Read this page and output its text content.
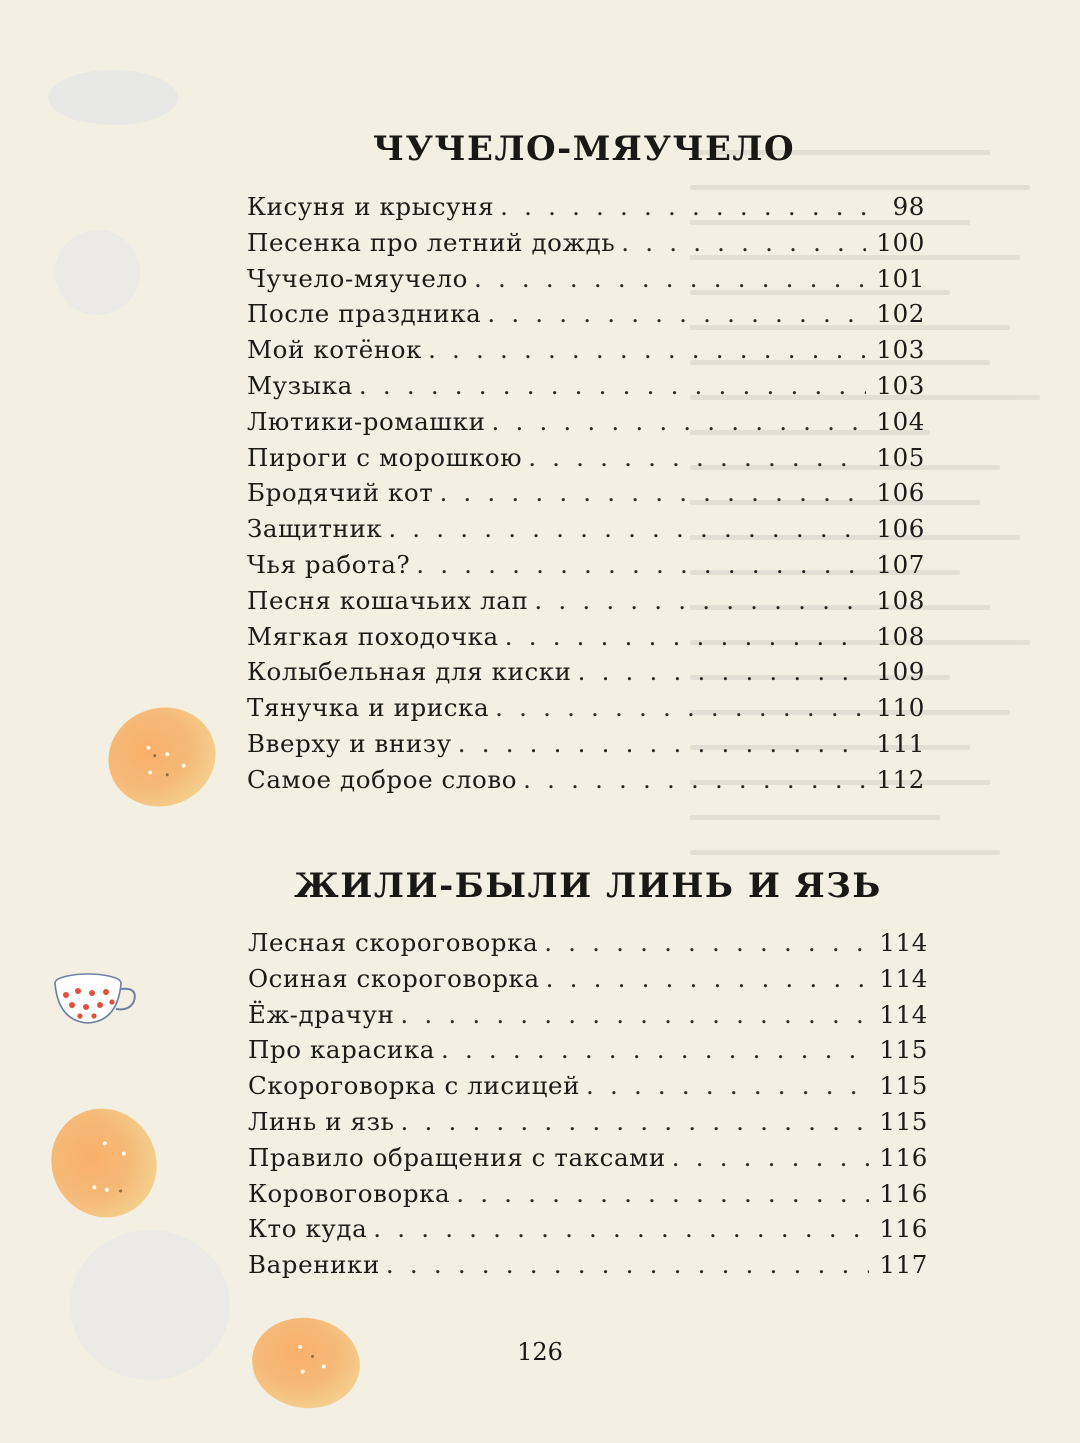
ЧУЧЕЛО-МЯУЧЕЛО
Кисуня и крысуня . . .	98
Песенка про летний дождь . . .	100
Чучело-мяучело . . .	101
После праздника . . .	102
Мой котёнок . . .	103
Музыка . . .	103
Лютики-ромашки . . .	104
Пироги с морошкою . . .	105
Бродячий кот . . .	106
Защитник . . .	106
Чья работа? . . .	107
Песня кошачьих лап . . .	108
Мягкая походочка . . .	108
Колыбельная для киски . . .	109
Тянучка и ириска . . .	110
Вверху и внизу . . .	111
Самое доброе слово . . .	112
ЖИЛИ-БЫЛИ ЛИНЬ И ЯЗЬ
Лесная скороговорка . . .	114
Осиная скороговорка . . .	114
Ёж-драчун . . .	114
Про карасика . . .	115
Скороговорка с лисицей . . .	115
Линь и язь . . .	115
Правило обращения с таксами . . .	116
Коровоговорка . . .	116
Кто куда . . .	116
Вареники . . .	117
126
